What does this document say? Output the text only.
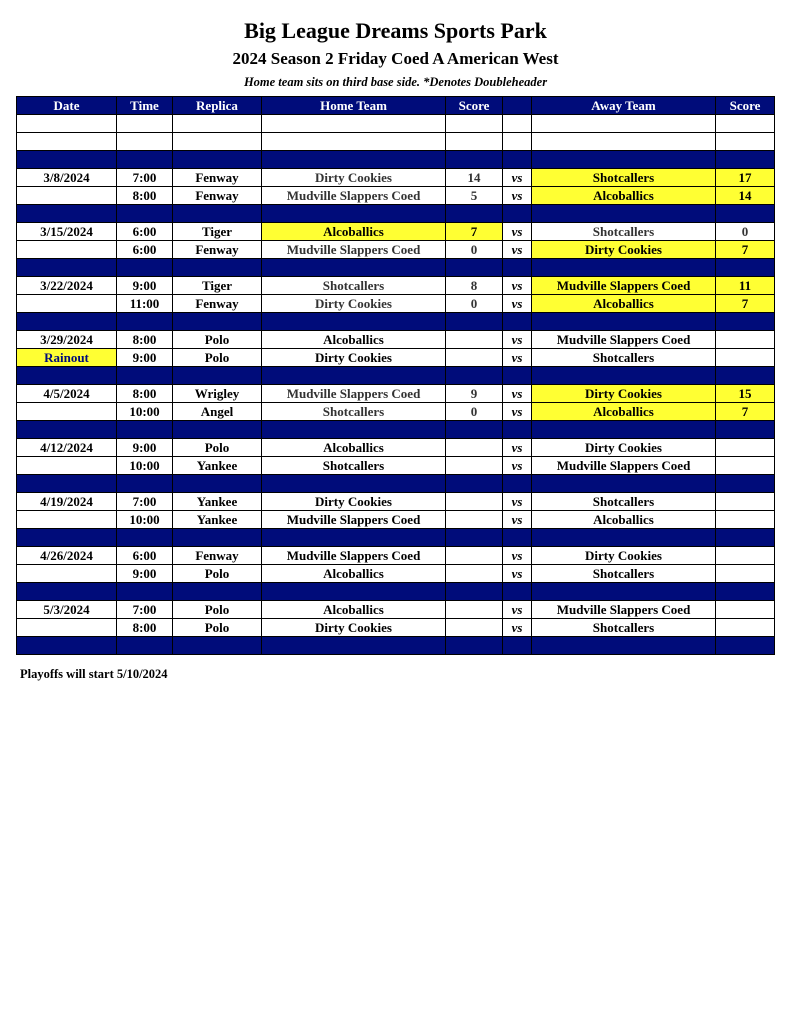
Big League Dreams Sports Park
2024 Season 2 Friday Coed A American West
Home team sits on third base side. *Denotes Doubleheader
Date	Time	Replica	Home Team	Score		Away Team	Score

3/8/2024	7:00	Fenway	Dirty Cookies	14	vs	Shotcallers	17
	8:00	Fenway	Mudville Slappers Coed	5	vs	Alcoballics	14

3/15/2024	6:00	Tiger	Alcoballics	7	vs	Shotcallers	0
	6:00	Fenway	Mudville Slappers Coed	0	vs	Dirty Cookies	7

3/22/2024	9:00	Tiger	Shotcallers	8	vs	Mudville Slappers Coed	11
	11:00	Fenway	Dirty Cookies	0	vs	Alcoballics	7

3/29/2024	8:00	Polo	Alcoballics		vs	Mudville Slappers Coed	
Rainout	9:00	Polo	Dirty Cookies		vs	Shotcallers	

4/5/2024	8:00	Wrigley	Mudville Slappers Coed	9	vs	Dirty Cookies	15
	10:00	Angel	Shotcallers	0	vs	Alcoballics	7

4/12/2024	9:00	Polo	Alcoballics		vs	Dirty Cookies	
	10:00	Yankee	Shotcallers		vs	Mudville Slappers Coed	

4/19/2024	7:00	Yankee	Dirty Cookies		vs	Shotcallers	
	10:00	Yankee	Mudville Slappers Coed		vs	Alcoballics	

4/26/2024	6:00	Fenway	Mudville Slappers Coed		vs	Dirty Cookies	
	9:00	Polo	Alcoballics		vs	Shotcallers	

5/3/2024	7:00	Polo	Alcoballics		vs	Mudville Slappers Coed	
	8:00	Polo	Dirty Cookies		vs	Shotcallers	

Playoffs will start 5/10/2024
